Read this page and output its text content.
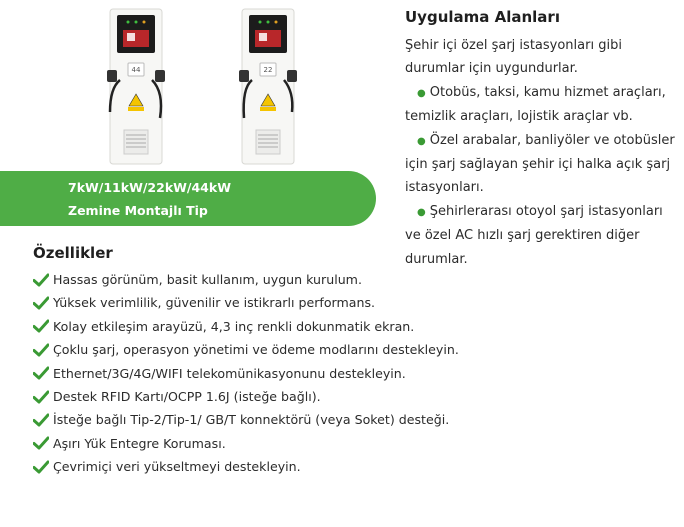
44	22
7kW/11kW/22kW/44kW
Zemine Montajlı Tip
Uygulama Alanları

Şehir içi özel şarj istasyonları gibi durumlar için uygundurlar.

● Otobüs, taksi, kamu hizmet araçları, temizlik araçları, lojistik araçlar vb.

● Özel arabalar, banliyöler ve otobüsler için şarj sağlayan şehir içi halka açık şarj istasyonları.

● Şehirlerarası otoyol şarj istasyonları ve özel AC hızlı şarj gerektiren diğer durumlar.

Özellikler
Hassas görünüm, basit kullanım, uygun kurulum.
Yüksek verimlilik, güvenilir ve istikrarlı performans.
Kolay etkileşim arayüzü, 4,3 inç renkli dokunmatik ekran.
Çoklu şarj, operasyon yönetimi ve ödeme modlarını destekleyin.
Ethernet/3G/4G/WIFI telekomünikasyonunu destekleyin.
Destek RFID Kartı/OCPP 1.6J (isteğe bağlı).
İsteğe bağlı Tip-2/Tip-1/ GB/T konnektörü (veya Soket) desteği.
Aşırı Yük Entegre Koruması.
Çevrimiçi veri yükseltmeyi destekleyin.
